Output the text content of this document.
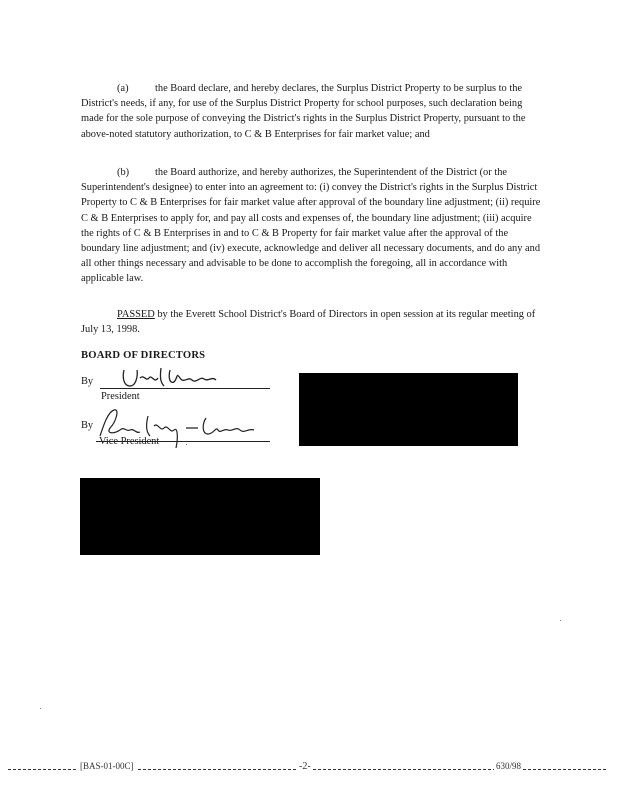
(a)	the Board declare, and hereby declares, the Surplus District Property to be surplus to the District's needs, if any, for use of the Surplus District Property for school purposes, such declaration being made for the sole purpose of conveying the District's rights in the Surplus District Property, pursuant to the above-noted statutory authorization, to C & B Enterprises for fair market value; and

(b) the Board authorize, and hereby authorizes, the Superintendent of the District (or the Superintendent's designee) to enter into an agreement to: (i) convey the District's rights in the Surplus District Property to C & B Enterprises for fair market value after approval of the boundary line adjustment; (ii) require C & B Enterprises to apply for, and pay all costs and expenses of, the boundary line adjustment; (iii) acquire the rights of C & B Enterprises in and to C & B Property for fair market value after the approval of the boundary line adjustment; and (iv) execute, acknowledge and deliver all necessary documents, and do any and all other things necessary and advisable to be done to accomplish the foregoing, all in accordance with applicable law.

PASSED by the Everett School District's Board of Directors in open session at its regular meeting of July 13, 1998.

BOARD OF DIRECTORS

By
President
By
Vice President
[BAS-01-00C]	-2-	630/98
